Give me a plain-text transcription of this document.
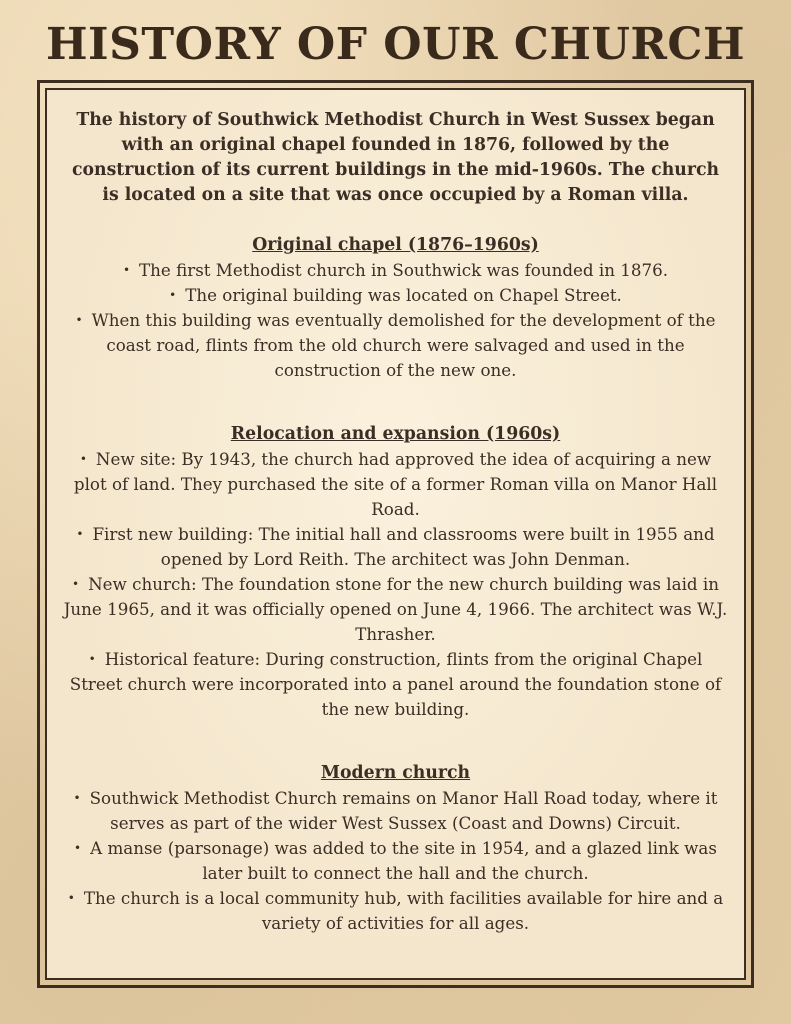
HISTORY OF OUR CHURCH

The history of Southwick Methodist Church in West Sussex began with an original chapel founded in 1876, followed by the construction of its current buildings in the mid-1960s. The church is located on a site that was once occupied by a Roman villa.

Original chapel (1876–1960s)

• The first Methodist church in Southwick was founded in 1876.
• The original building was located on Chapel Street.
• When this building was eventually demolished for the development of the coast road, flints from the old church were salvaged and used in the construction of the new one.

Relocation and expansion (1960s)

• New site: By 1943, the church had approved the idea of acquiring a new plot of land. They purchased the site of a former Roman villa on Manor Hall Road.
• First new building: The initial hall and classrooms were built in 1955 and opened by Lord Reith. The architect was John Denman.
• New church: The foundation stone for the new church building was laid in June 1965, and it was officially opened on June 4, 1966. The architect was W.J. Thrasher.
• Historical feature: During construction, flints from the original Chapel Street church were incorporated into a panel around the foundation stone of the new building.

Modern church

• Southwick Methodist Church remains on Manor Hall Road today, where it serves as part of the wider West Sussex (Coast and Downs) Circuit.
• A manse (parsonage) was added to the site in 1954, and a glazed link was later built to connect the hall and the church.
• The church is a local community hub, with facilities available for hire and a variety of activities for all ages.
